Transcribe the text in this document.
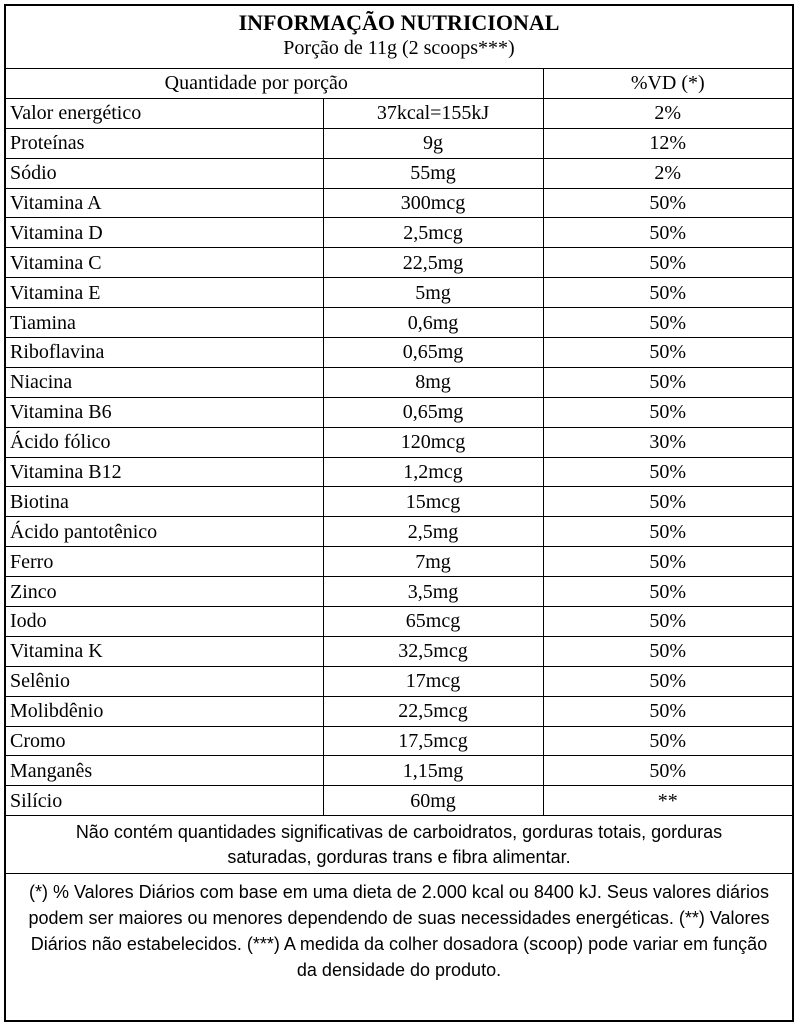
INFORMAÇÃO NUTRICIONAL
Porção de 11g (2 scoops***)
Quantidade por porção		%VD (*)
Valor energético	37kcal=155kJ	2%
Proteínas	9g	12%
Sódio	55mg	2%
Vitamina A	300mcg	50%
Vitamina D	2,5mcg	50%
Vitamina C	22,5mg	50%
Vitamina E	5mg	50%
Tiamina	0,6mg	50%
Riboflavina	0,65mg	50%
Niacina	8mg	50%
Vitamina B6	0,65mg	50%
Ácido fólico	120mcg	30%
Vitamina B12	1,2mcg	50%
Biotina	15mcg	50%
Ácido pantotênico	2,5mg	50%
Ferro	7mg	50%
Zinco	3,5mg	50%
Iodo	65mcg	50%
Vitamina K	32,5mcg	50%
Selênio	17mcg	50%
Molibdênio	22,5mcg	50%
Cromo	17,5mcg	50%
Manganês	1,15mg	50%
Silício	60mg	**
Não contém quantidades significativas de carboidratos, gorduras totais, gorduras saturadas, gorduras trans e fibra alimentar.
(*) % Valores Diários com base em uma dieta de 2.000 kcal ou 8400 kJ. Seus valores diários podem ser maiores ou menores dependendo de suas necessidades energéticas. (**) Valores Diários não estabelecidos. (***) A medida da colher dosadora (scoop) pode variar em função da densidade do produto.
